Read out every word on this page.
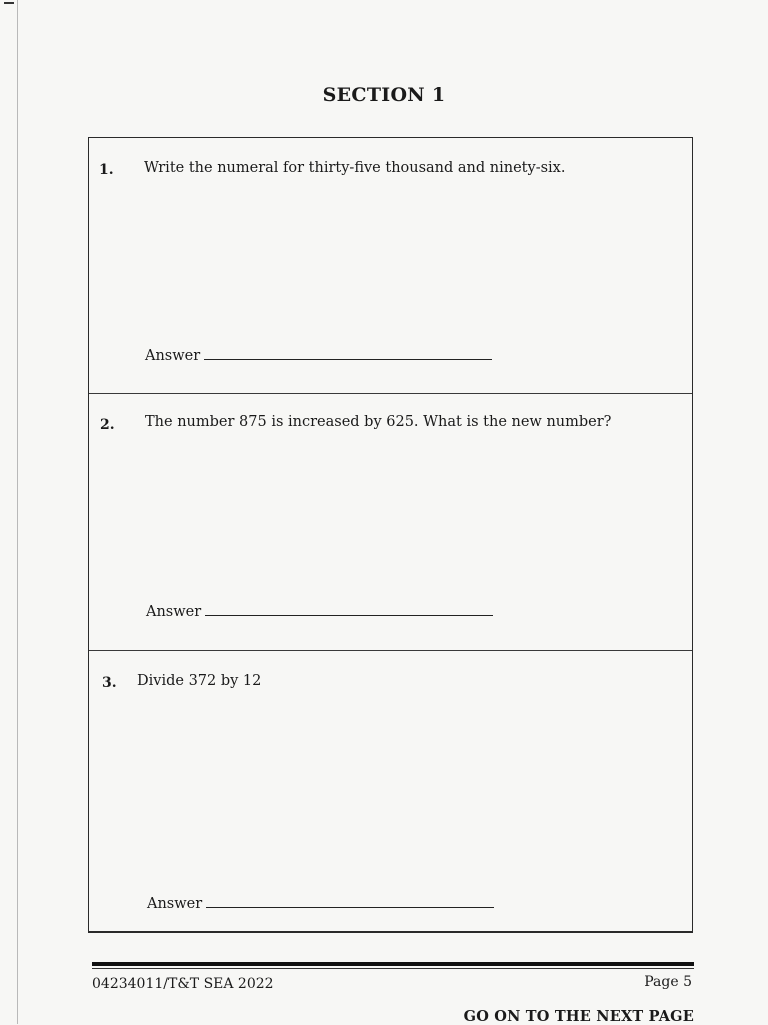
SECTION 1
1. Write the numeral for thirty-five thousand and ninety-six.
Answer
2. The number 875 is increased by 625. What is the new number?
Answer
3. Divide 372 by 12
Answer
04234011/T&T SEA 2022	Page 5
GO ON TO THE NEXT PAGE
